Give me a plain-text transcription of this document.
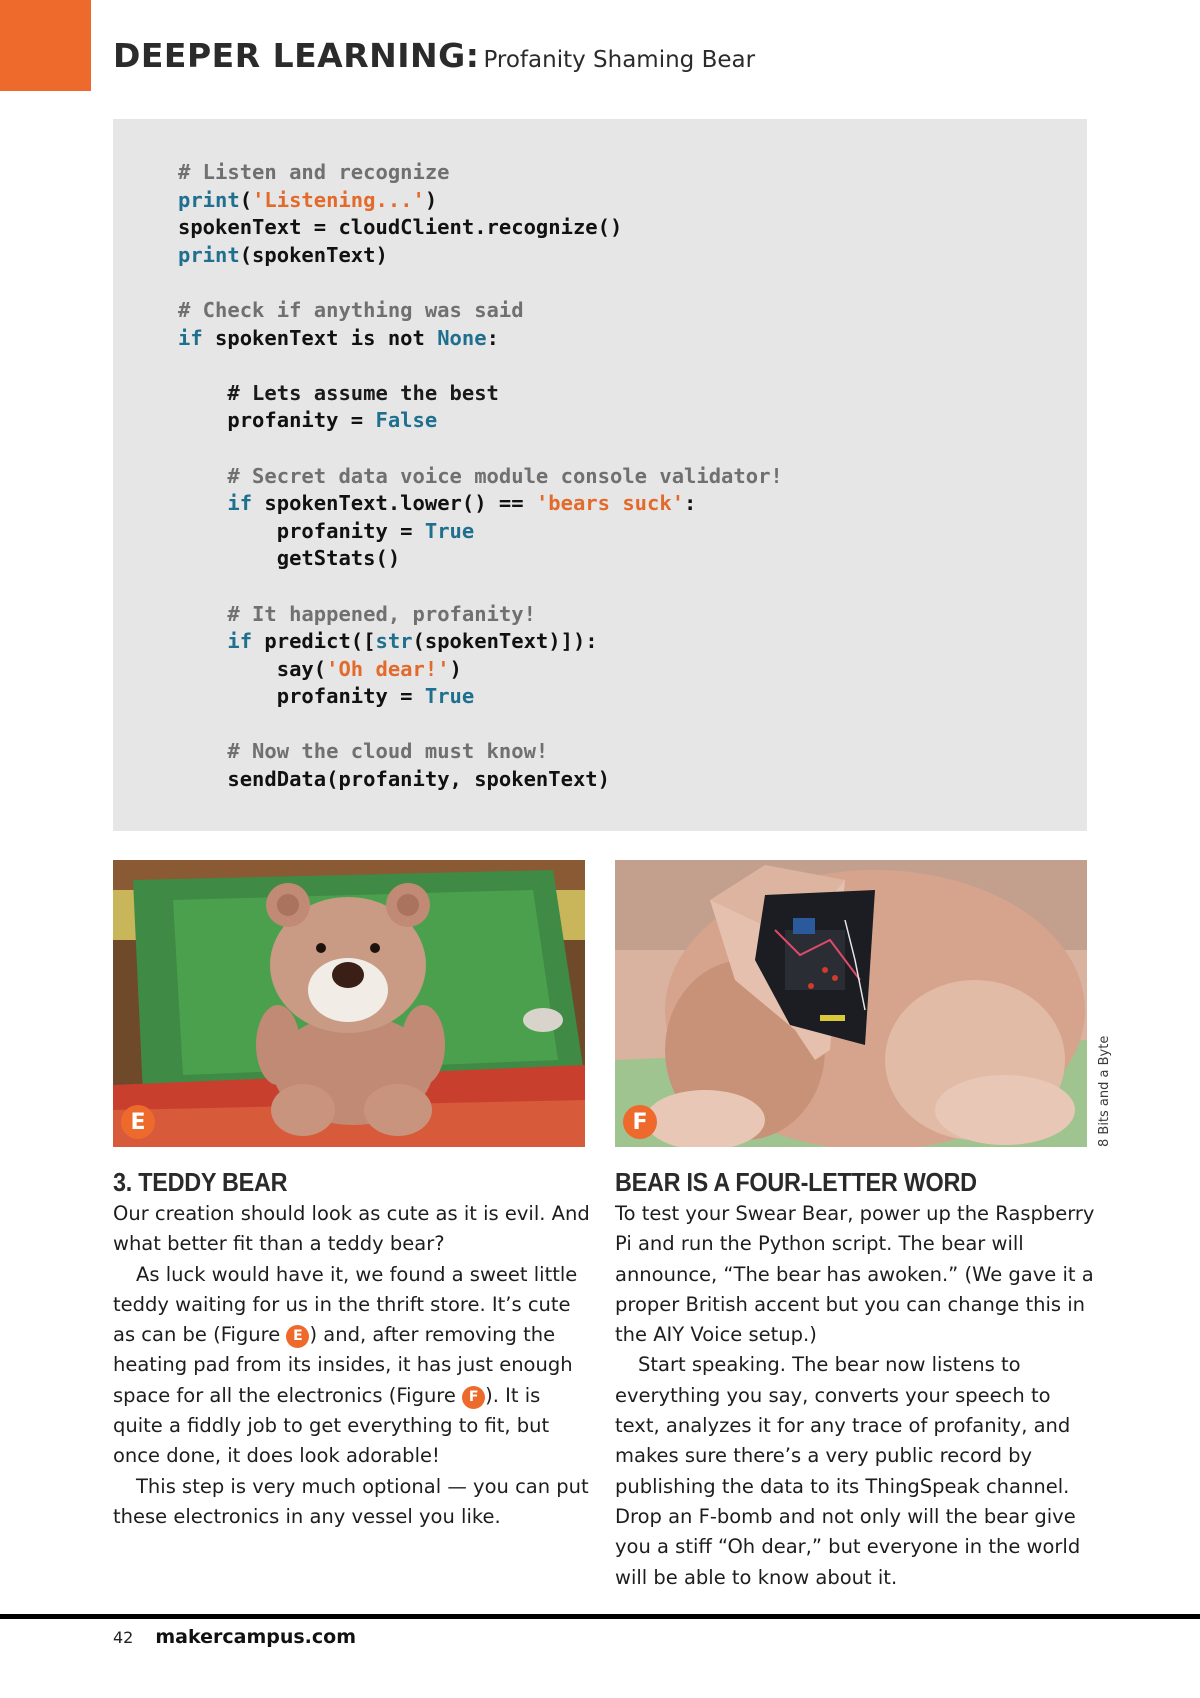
DEEPER LEARNING: Profanity Shaming Bear
# Listen and recognize
print('Listening...')
spokenText = cloudClient.recognize()
print(spokenText)
# Check if anything was said
if spokenText is not None:
# Lets assume the best
profanity = False
# Secret data voice module console validator!
if spokenText.lower() == 'bears suck':
profanity = True
getStats()
# It happened, profanity!
if predict([str(spokenText)]):
say('Oh dear!')
profanity = True
# Now the cloud must know!
sendData(profanity, spokenText)
E	F	8 Bits and a Byte
3. TEDDY BEAR

Our creation should look as cute as it is evil. And what better fit than a teddy bear?

As luck would have it, we found a sweet little teddy waiting for us in the thrift store. It’s cute as can be (Figure E ) and, after removing the heating pad from its insides, it has just enough space for all the electronics (Figure F ). It is quite a fiddly job to get everything to fit, but once done, it does look adorable!

This step is very much optional — you can put these electronics in any vessel you like.

BEAR IS A FOUR-LETTER WORD

To test your Swear Bear, power up the Raspberry Pi and run the Python script. The bear will announce, “The bear has awoken.” (We gave it a proper British accent but you can change this in the AIY Voice setup.)

Start speaking. The bear now listens to everything you say, converts your speech to text, analyzes it for any trace of profanity, and makes sure there’s a very public record by publishing the data to its ThingSpeak channel. Drop an F-bomb and not only will the bear give you a stiff “Oh dear,” but everyone in the world will be able to know about it.

42 makercampus.com
